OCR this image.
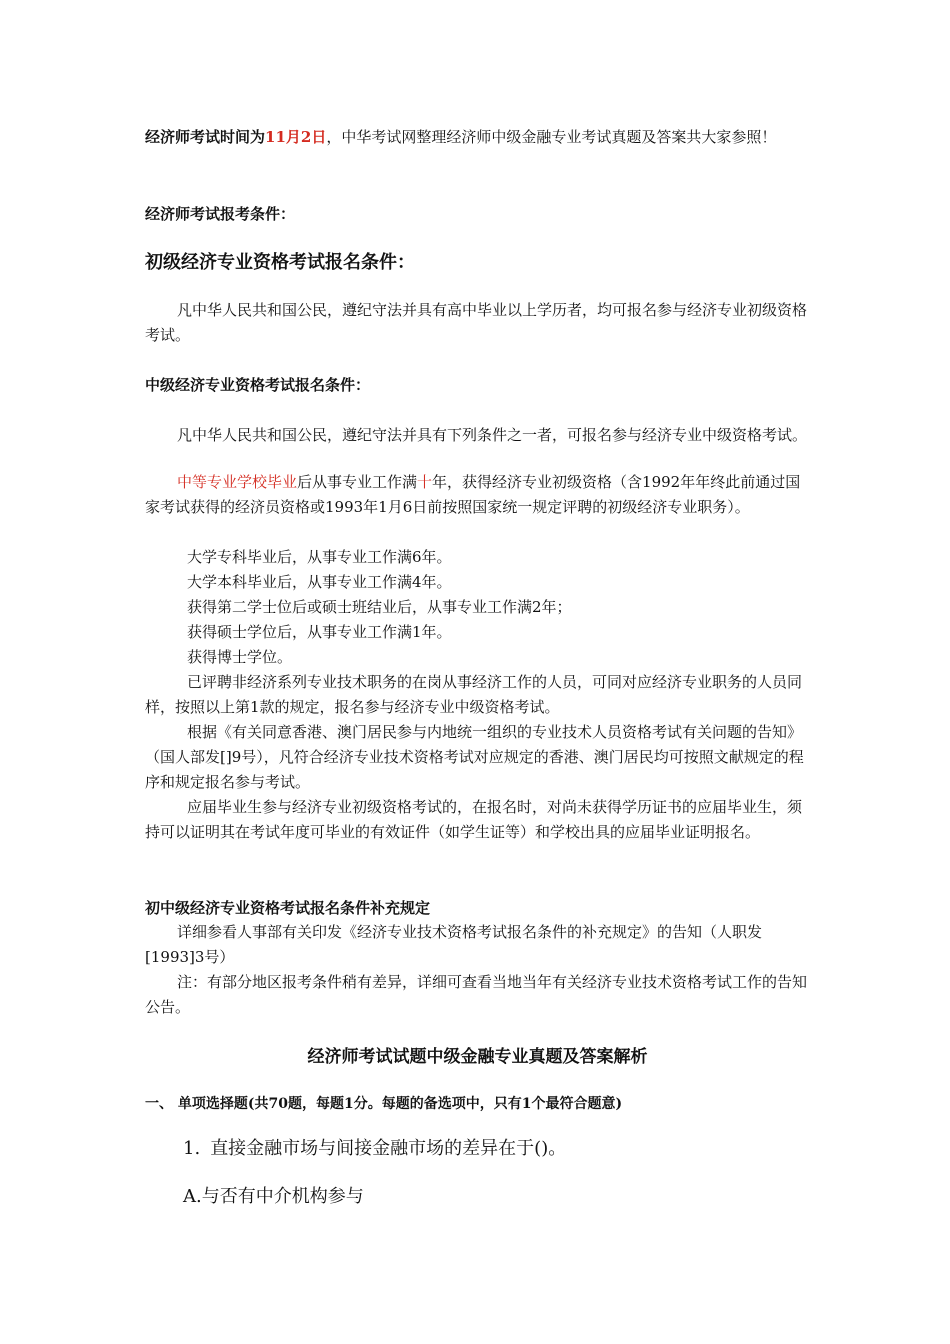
经济师考试时间为11月2日，中华考试网整理经济师中级金融专业考试真题及答案共大家参照！
经济师考试报考条件：
初级经济专业资格考试报名条件：
凡中华人民共和国公民，遵纪守法并具有高中毕业以上学历者，均可报名参与经济专业初级资格考试。
中级经济专业资格考试报名条件：
凡中华人民共和国公民，遵纪守法并具有下列条件之一者，可报名参与经济专业中级资格考试。
中等专业学校毕业后从事专业工作满十年，获得经济专业初级资格（含1992年年终此前通过国家考试获得的经济员资格或1993年1月6日前按照国家统一规定评聘的初级经济专业职务）。
大学专科毕业后，从事专业工作满6年。
大学本科毕业后，从事专业工作满4年。
获得第二学士位后或硕士班结业后，从事专业工作满2年；
获得硕士学位后，从事专业工作满1年。
获得博士学位。
已评聘非经济系列专业技术职务的在岗从事经济工作的人员，可同对应经济专业职务的人员同样，按照以上第1款的规定，报名参与经济专业中级资格考试。
根据《有关同意香港、澳门居民参与内地统一组织的专业技术人员资格考试有关问题的告知》（国人部发[]9号），凡符合经济专业技术资格考试对应规定的香港、澳门居民均可按照文献规定的程序和规定报名参与考试。
应届毕业生参与经济专业初级资格考试的，在报名时，对尚未获得学历证书的应届毕业生，须持可以证明其在考试年度可毕业的有效证件（如学生证等）和学校出具的应届毕业证明报名。
初中级经济专业资格考试报名条件补充规定
详细参看人事部有关印发《经济专业技术资格考试报名条件的补充规定》的告知（人职发[1993]3号）
注：有部分地区报考条件稍有差异，详细可查看当地当年有关经济专业技术资格考试工作的告知公告。
经济师考试试题中级金融专业真题及答案解析
一、 单项选择题(共70题，每题1分。每题的备选项中，只有1个最符合题意)
1. 直接金融市场与间接金融市场的差异在于()。
A.与否有中介机构参与
